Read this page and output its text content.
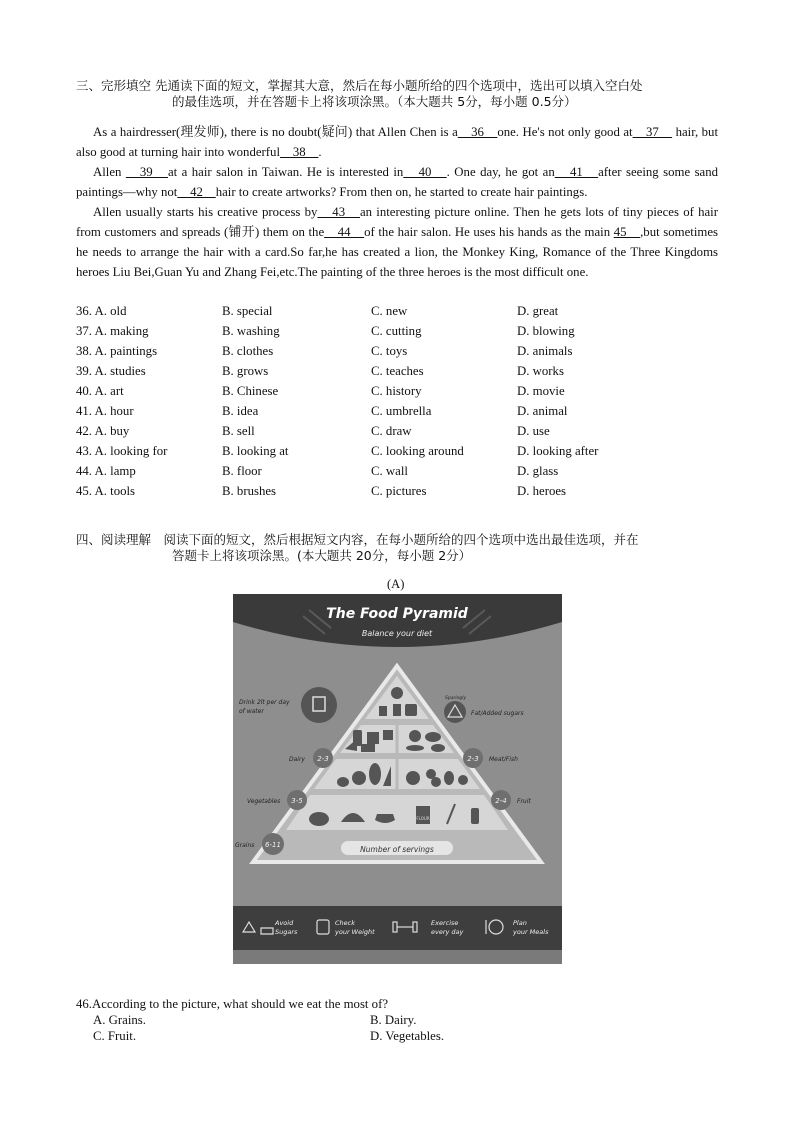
三、完形填空 先通读下面的短文，掌握其大意，然后在每小题所给的四个选项中，选出可以填入空白处
的最佳选项，并在答题卡上将该项涂黑。（本大题共 5分，每小题 0.5分）
As a hairdresser(理发师), there is no doubt(疑问) that Allen Chen is a　36　one. He's not only good at　37　 hair, but also good at turning hair into wonderful　38　.
Allen 　39　at a hair salon in Taiwan. He is interested in　40　. One day, he got an　41　after seeing some sand paintings—why not　42　hair to create artworks? From then on, he started to create hair paintings.
Allen usually starts his creative process by　43　an interesting picture online. Then he gets lots of tiny pieces of hair from customers and spreads (铺开) them on the　44　of the hair salon. He uses his hands as the main 45　,but sometimes he needs to arrange the hair with a card.So far,he has created a lion, the Monkey King, Romance of the Three Kingdoms heroes Liu Bei,Guan Yu and Zhang Fei,etc.The painting of the three heroes is the most difficult one.
36. A. old	B. special	C. new	D. great
37. A. making	B. washing	C. cutting	D. blowing
38. A. paintings	B. clothes	C. toys	D. animals
39. A. studies	B. grows	C. teaches	D. works
40. A. art	B. Chinese	C. history	D. movie
41. A. hour	B. idea	C. umbrella	D. animal
42. A. buy	B. sell	C. draw	D. use
43. A. looking for	B. looking at	C. looking around	D. looking after
44. A. lamp	B. floor	C. wall	D. glass
45. A. tools	B. brushes	C. pictures	D. heroes
四、阅读理解　阅读下面的短文，然后根据短文内容，在每小题所给的四个选项中选出最佳选项，并在
答题卡上将该项涂黑。(本大题共 20分，每小题 2分）
(A)
The Food Pyramid
Balance your diet
Number of servings
FLOUR
Drink 2lt per day of water
Sparingly
Fat/Added sugars
2-3
Dairy	2-3 Meat/Fish
3-5
Vegetables	2-4 Fruit
6-11
Grains
Avoid Sugars Check your Weight Exercise every day Plan your Meals
46.According to the picture, what should we eat the most of?
A. Grains.	B. Dairy.
C. Fruit.	D. Vegetables.
